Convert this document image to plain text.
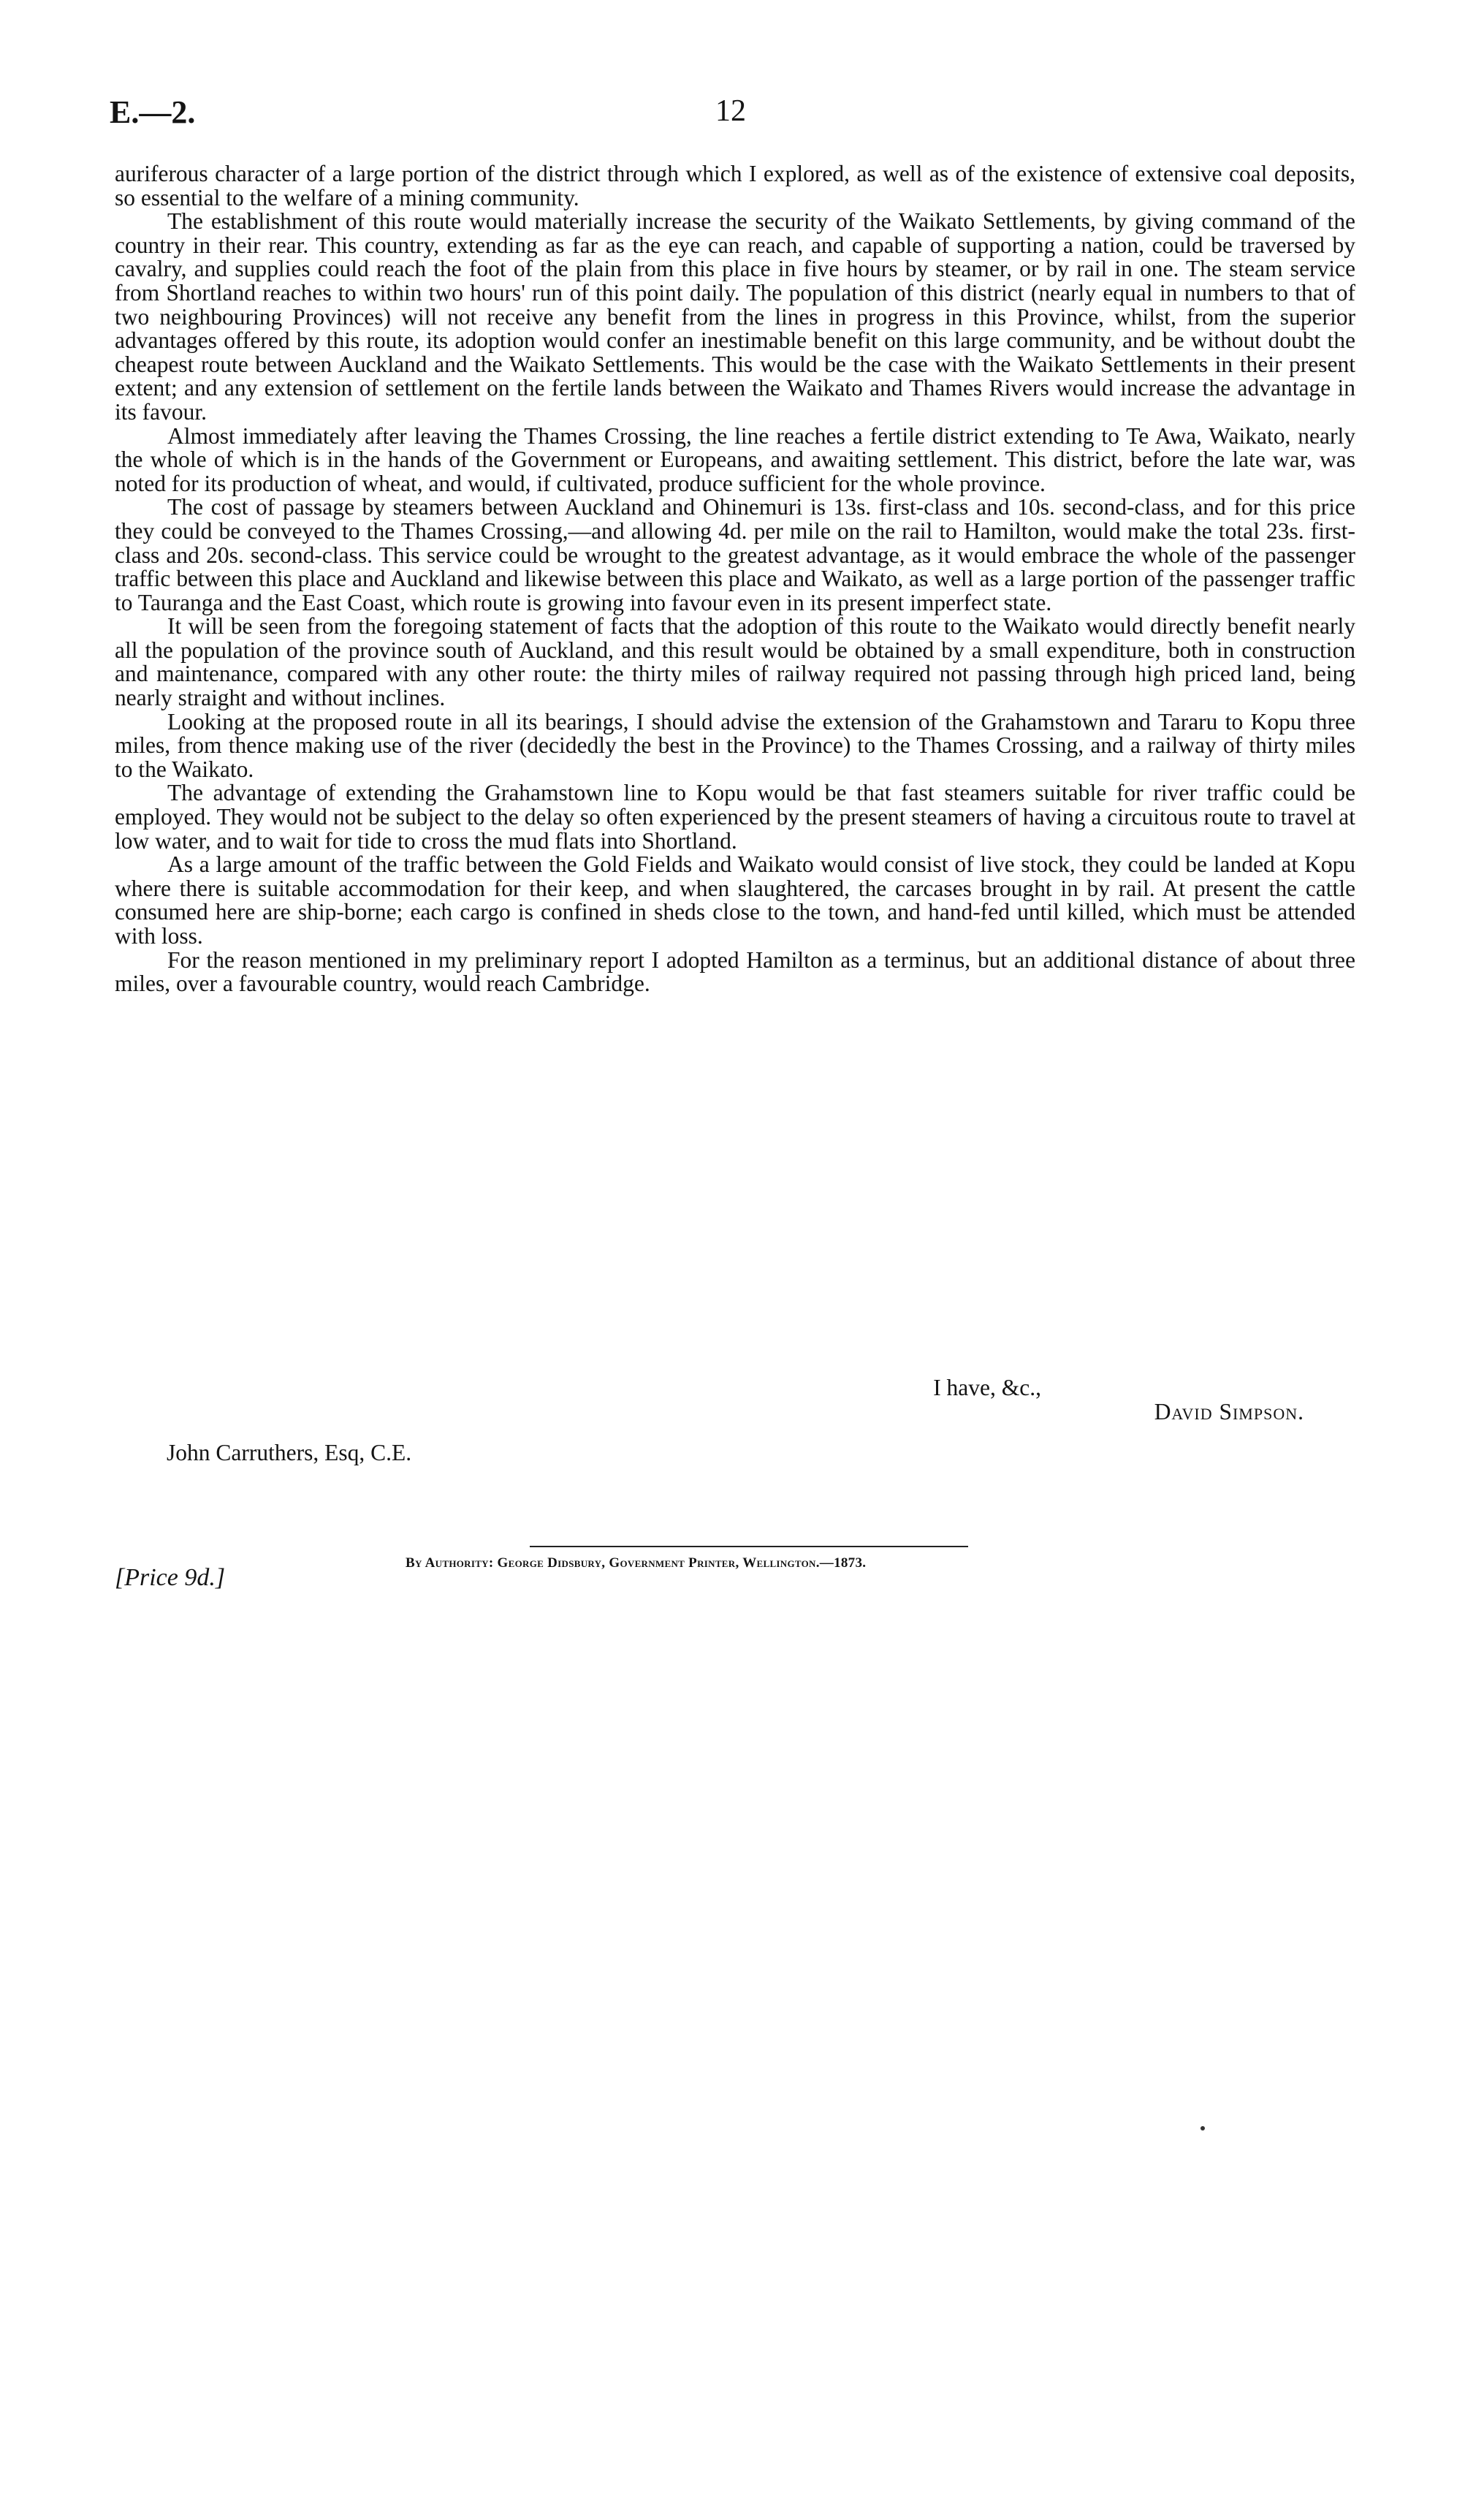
E.—2.	12

auriferous character of a large portion of the district through which I explored, as well as of the existence of extensive coal deposits, so essential to the welfare of a mining community.

The establishment of this route would materially increase the security of the Waikato Settlements, by giving command of the country in their rear. This country, extending as far as the eye can reach, and capable of supporting a nation, could be traversed by cavalry, and supplies could reach the foot of the plain from this place in five hours by steamer, or by rail in one. The steam service from Shortland reaches to within two hours' run of this point daily. The population of this district (nearly equal in numbers to that of two neighbouring Provinces) will not receive any benefit from the lines in progress in this Province, whilst, from the superior advantages offered by this route, its adoption would confer an inestimable benefit on this large community, and be without doubt the cheapest route between Auckland and the Waikato Settlements. This would be the case with the Waikato Settlements in their present extent; and any extension of settlement on the fertile lands between the Waikato and Thames Rivers would increase the advantage in its favour.

Almost immediately after leaving the Thames Crossing, the line reaches a fertile district extending to Te Awa, Waikato, nearly the whole of which is in the hands of the Government or Europeans, and awaiting settlement. This district, before the late war, was noted for its production of wheat, and would, if cultivated, produce sufficient for the whole province.

The cost of passage by steamers between Auckland and Ohinemuri is 13s. first-class and 10s. second-class, and for this price they could be conveyed to the Thames Crossing,—and allowing 4d. per mile on the rail to Hamilton, would make the total 23s. first-class and 20s. second-class. This service could be wrought to the greatest advantage, as it would embrace the whole of the passenger traffic between this place and Auckland and likewise between this place and Waikato, as well as a large portion of the passenger traffic to Tauranga and the East Coast, which route is growing into favour even in its present imperfect state.

It will be seen from the foregoing statement of facts that the adoption of this route to the Waikato would directly benefit nearly all the population of the province south of Auckland, and this result would be obtained by a small expenditure, both in construction and maintenance, compared with any other route: the thirty miles of railway required not passing through high priced land, being nearly straight and without inclines.

Looking at the proposed route in all its bearings, I should advise the extension of the Grahamstown and Tararu to Kopu three miles, from thence making use of the river (decidedly the best in the Province) to the Thames Crossing, and a railway of thirty miles to the Waikato.

The advantage of extending the Grahamstown line to Kopu would be that fast steamers suitable for river traffic could be employed. They would not be subject to the delay so often experienced by the present steamers of having a circuitous route to travel at low water, and to wait for tide to cross the mud flats into Shortland.

As a large amount of the traffic between the Gold Fields and Waikato would consist of live stock, they could be landed at Kopu where there is suitable accommodation for their keep, and when slaughtered, the carcases brought in by rail. At present the cattle consumed here are ship-borne; each cargo is confined in sheds close to the town, and hand-fed until killed, which must be attended with loss.

For the reason mentioned in my preliminary report I adopted Hamilton as a terminus, but an additional distance of about three miles, over a favourable country, would reach Cambridge.

I have, &c.,
David Simpson.
John Carruthers, Esq, C.E.
By Authority: George Didsbury, Government Printer, Wellington.—1873.
[Price 9d.]
